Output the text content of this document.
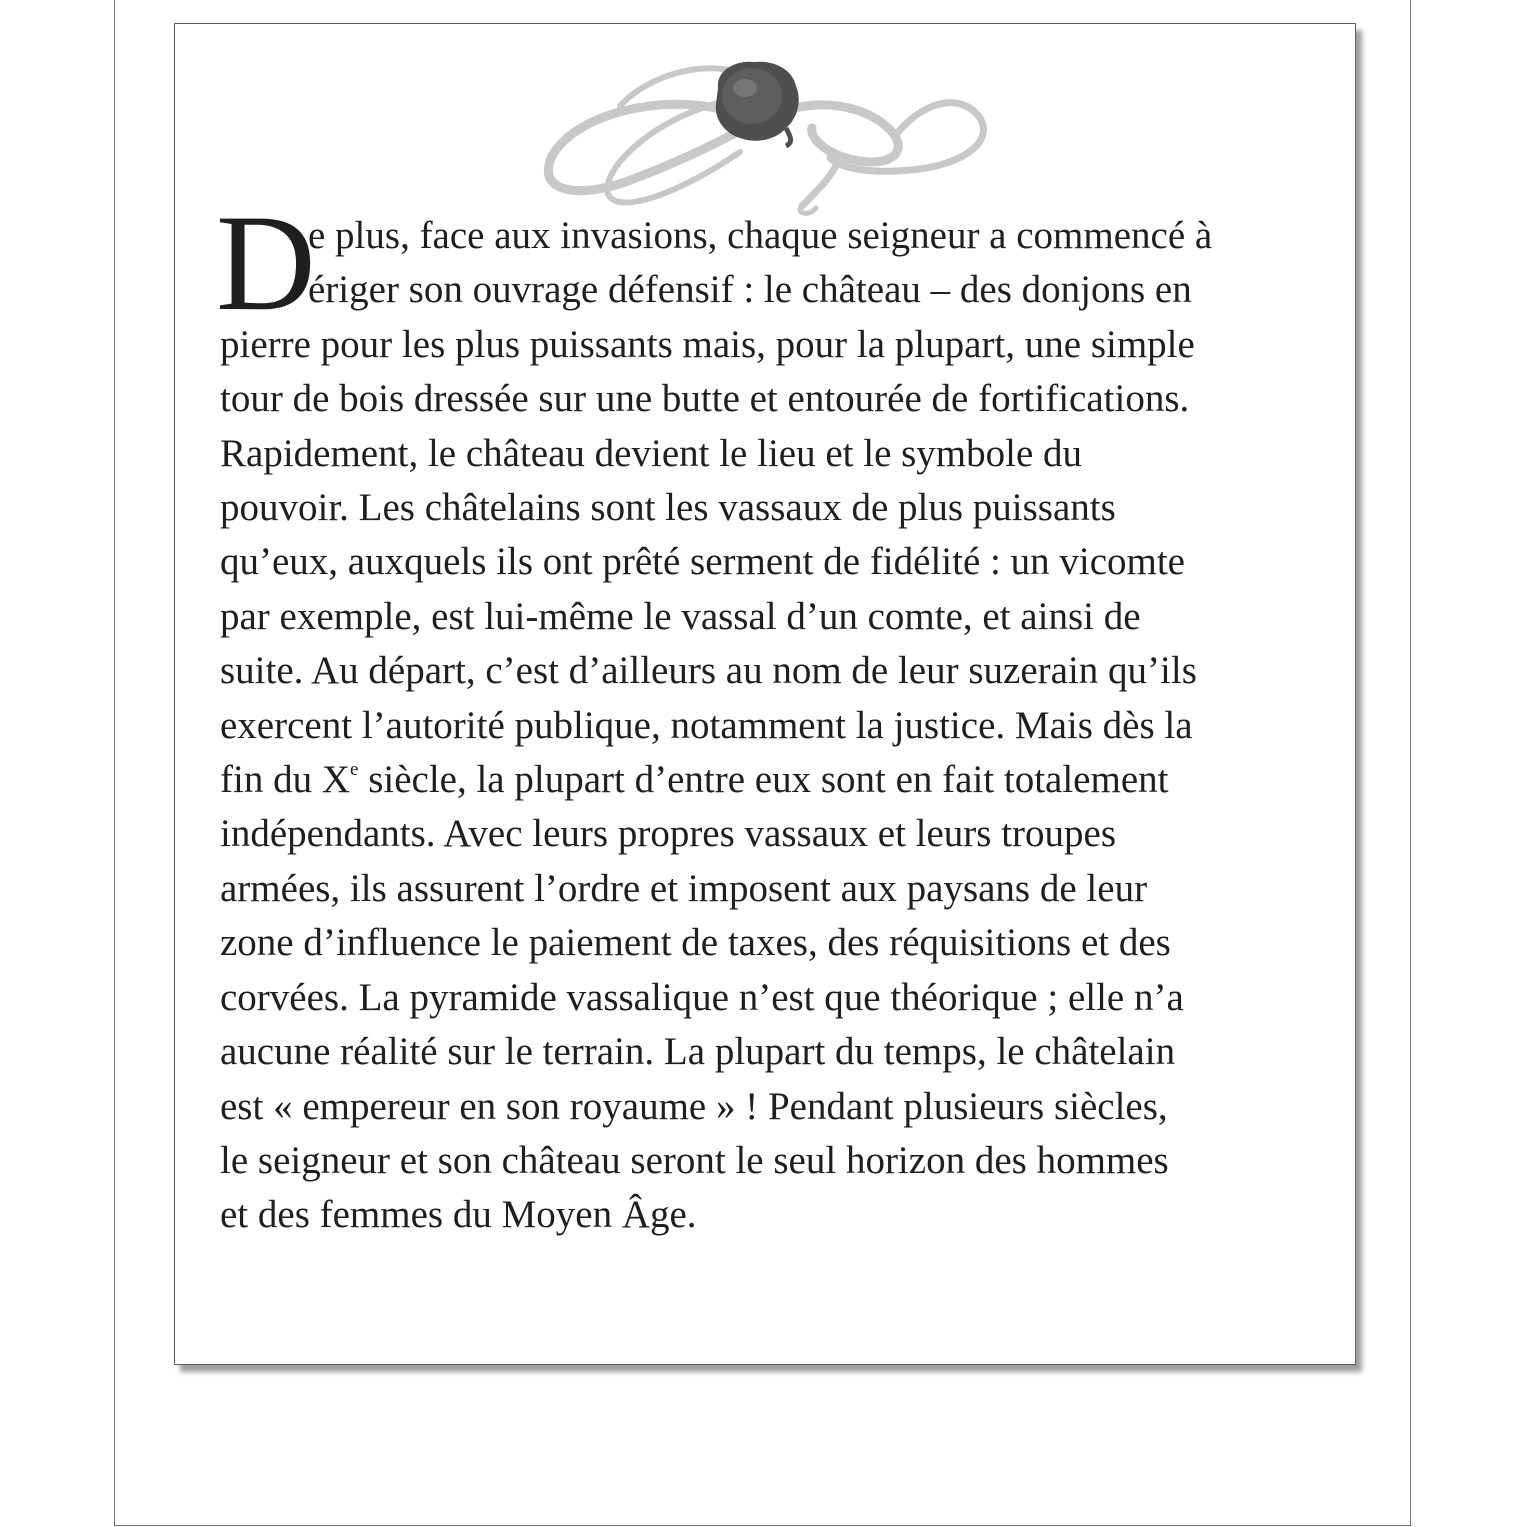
D

e plus, face aux invasions, chaque seigneur a commencé à
ériger son ouvrage défensif : le château – des donjons en
pierre pour les plus puissants mais, pour la plupart, une simple
tour de bois dressée sur une butte et entourée de fortifications.
Rapidement, le château devient le lieu et le symbole du
pouvoir. Les châtelains sont les vassaux de plus puissants
qu’eux, auxquels ils ont prêté serment de fidélité : un vicomte
par exemple, est lui-même le vassal d’un comte, et ainsi de
suite. Au départ, c’est d’ailleurs au nom de leur suzerain qu’ils
exercent l’autorité publique, notamment la justice. Mais dès la
fin du Xe siècle, la plupart d’entre eux sont en fait totalement
indépendants. Avec leurs propres vassaux et leurs troupes
armées, ils assurent l’ordre et imposent aux paysans de leur
zone d’influence le paiement de taxes, des réquisitions et des
corvées. La pyramide vassalique n’est que théorique ; elle n’a
aucune réalité sur le terrain. La plupart du temps, le châtelain
est « empereur en son royaume » ! Pendant plusieurs siècles,
le seigneur et son château seront le seul horizon des hommes
et des femmes du Moyen Âge.
